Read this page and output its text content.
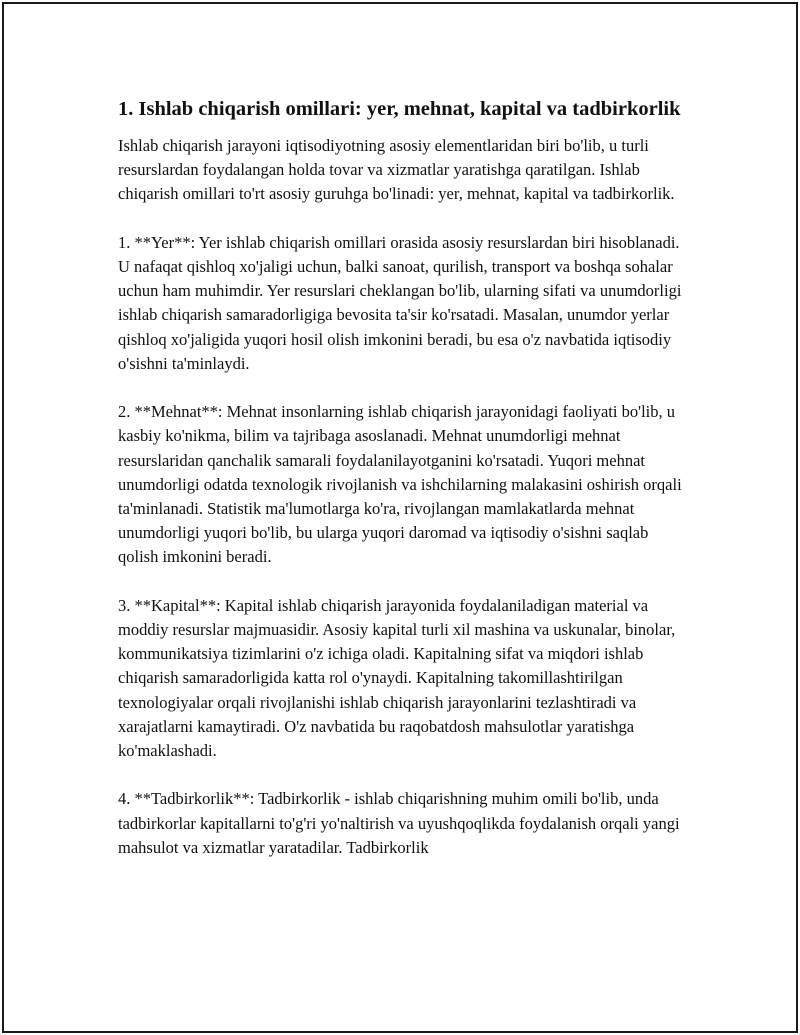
1. Ishlab chiqarish omillari: yer, mehnat, kapital va tadbirkorlik

Ishlab chiqarish jarayoni iqtisodiyotning asosiy elementlaridan biri bo'lib, u turli resurslardan foydalangan holda tovar va xizmatlar yaratishga qaratilgan. Ishlab chiqarish omillari to'rt asosiy guruhga bo'linadi: yer, mehnat, kapital va tadbirkorlik.

1. **Yer**: Yer ishlab chiqarish omillari orasida asosiy resurslardan biri hisoblanadi. U nafaqat qishloq xo'jaligi uchun, balki sanoat, qurilish, transport va boshqa sohalar uchun ham muhimdir. Yer resurslari cheklangan bo'lib, ularning sifati va unumdorligi ishlab chiqarish samaradorligiga bevosita ta'sir ko'rsatadi. Masalan, unumdor yerlar qishloq xo'jaligida yuqori hosil olish imkonini beradi, bu esa o'z navbatida iqtisodiy o'sishni ta'minlaydi.

2. **Mehnat**: Mehnat insonlarning ishlab chiqarish jarayonidagi faoliyati bo'lib, u kasbiy ko'nikma, bilim va tajribaga asoslanadi. Mehnat unumdorligi mehnat resurslaridan qanchalik samarali foydalanilayotganini ko'rsatadi. Yuqori mehnat unumdorligi odatda texnologik rivojlanish va ishchilarning malakasini oshirish orqali ta'minlanadi. Statistik ma'lumotlarga ko'ra, rivojlangan mamlakatlarda mehnat unumdorligi yuqori bo'lib, bu ularga yuqori daromad va iqtisodiy o'sishni saqlab qolish imkonini beradi.

3. **Kapital**: Kapital ishlab chiqarish jarayonida foydalaniladigan material va moddiy resurslar majmuasidir. Asosiy kapital turli xil mashina va uskunalar, binolar, kommunikatsiya tizimlarini o'z ichiga oladi. Kapitalning sifat va miqdori ishlab chiqarish samaradorligida katta rol o'ynaydi. Kapitalning takomillashtirilgan texnologiyalar orqali rivojlanishi ishlab chiqarish jarayonlarini tezlashtiradi va xarajatlarni kamaytiradi. O'z navbatida bu raqobatdosh mahsulotlar yaratishga ko'maklashadi.

4. **Tadbirkorlik**: Tadbirkorlik - ishlab chiqarishning muhim omili bo'lib, unda tadbirkorlar kapitallarni to'g'ri yo'naltirish va uyushqoqlikda foydalanish orqali yangi mahsulot va xizmatlar yaratadilar. Tadbirkorlik
